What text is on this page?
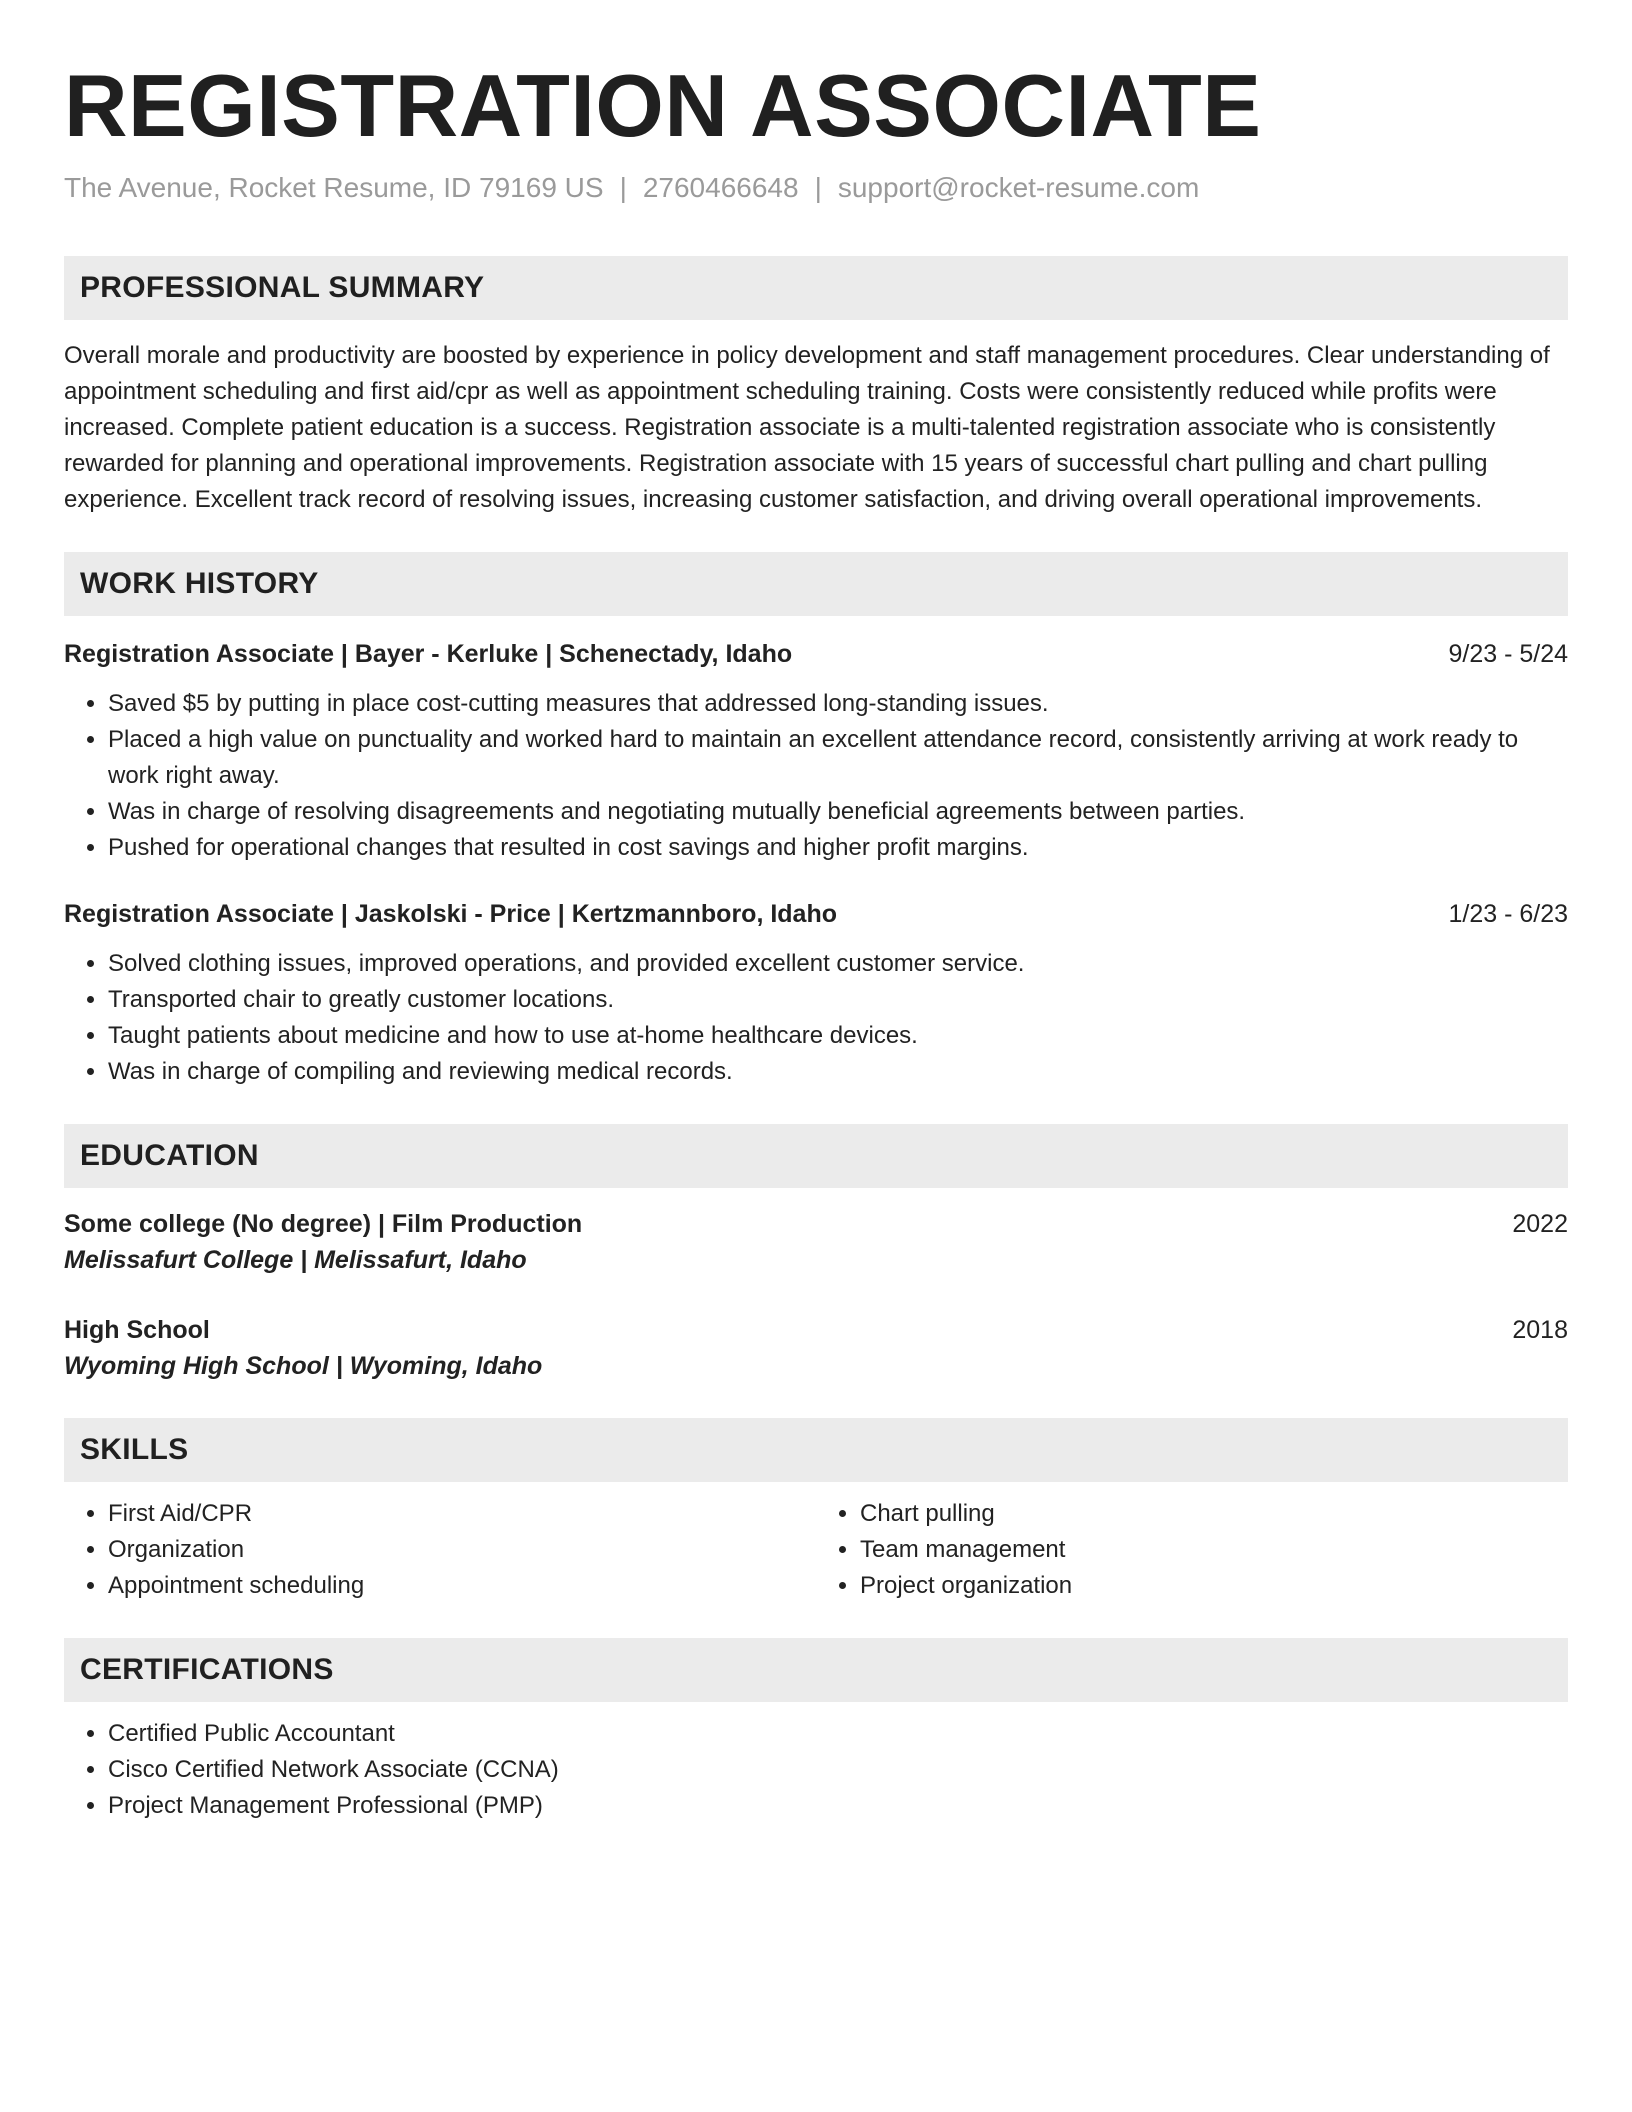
REGISTRATION ASSOCIATE
The Avenue, Rocket Resume, ID 79169 US | 2760466648 | support@rocket-resume.com
PROFESSIONAL SUMMARY
Overall morale and productivity are boosted by experience in policy development and staff management procedures. Clear understanding of appointment scheduling and first aid/cpr as well as appointment scheduling training. Costs were consistently reduced while profits were increased. Complete patient education is a success. Registration associate is a multi-talented registration associate who is consistently rewarded for planning and operational improvements. Registration associate with 15 years of successful chart pulling and chart pulling experience. Excellent track record of resolving issues, increasing customer satisfaction, and driving overall operational improvements.
WORK HISTORY
Registration Associate | Bayer - Kerluke | Schenectady, Idaho	9/23 - 5/24
• Saved $5 by putting in place cost-cutting measures that addressed long-standing issues.
• Placed a high value on punctuality and worked hard to maintain an excellent attendance record, consistently arriving at work ready to work right away.
• Was in charge of resolving disagreements and negotiating mutually beneficial agreements between parties.
• Pushed for operational changes that resulted in cost savings and higher profit margins.
Registration Associate | Jaskolski - Price | Kertzmannboro, Idaho	1/23 - 6/23
• Solved clothing issues, improved operations, and provided excellent customer service.
• Transported chair to greatly customer locations.
• Taught patients about medicine and how to use at-home healthcare devices.
• Was in charge of compiling and reviewing medical records.
EDUCATION
Some college (No degree) | Film Production	2022
Melissafurt College | Melissafurt, Idaho
High School	2018
Wyoming High School | Wyoming, Idaho
SKILLS
• First Aid/CPR
• Organization
• Appointment scheduling
• Chart pulling
• Team management
• Project organization
CERTIFICATIONS
• Certified Public Accountant
• Cisco Certified Network Associate (CCNA)
• Project Management Professional (PMP)
